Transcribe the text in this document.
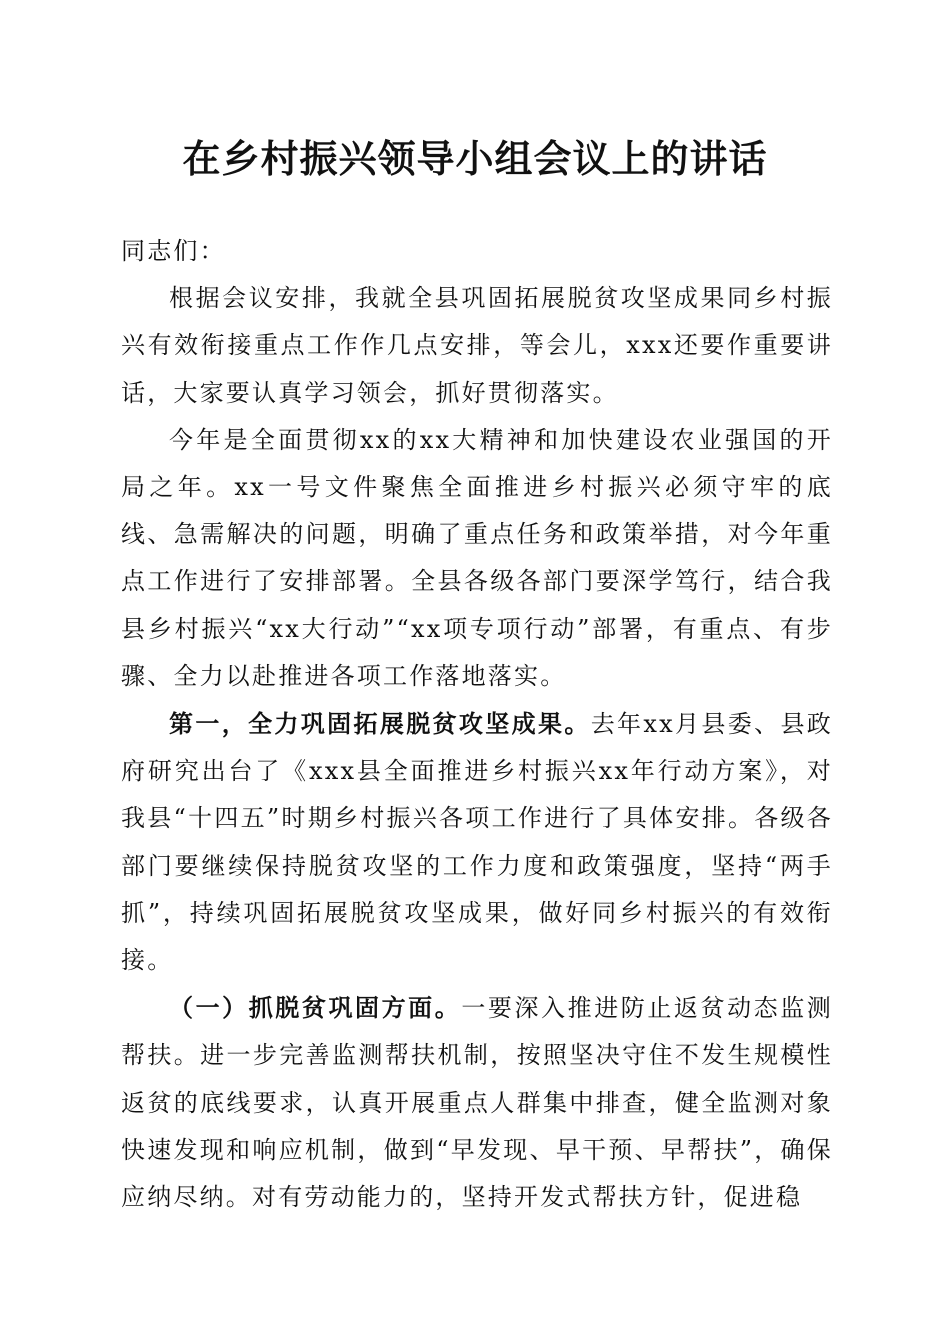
在乡村振兴领导小组会议上的讲话

同志们：

根据会议安排，我就全县巩固拓展脱贫攻坚成果同乡村振兴有效衔接重点工作作几点安排，等会儿，xxx还要作重要讲话，大家要认真学习领会，抓好贯彻落实。

今年是全面贯彻xx的xx大精神和加快建设农业强国的开局之年。xx一号文件聚焦全面推进乡村振兴必须守牢的底线、急需解决的问题，明确了重点任务和政策举措，对今年重点工作进行了安排部署。全县各级各部门要深学笃行，结合我县乡村振兴“xx大行动”“xx项专项行动”部署，有重点、有步骤、全力以赴推进各项工作落地落实。

第一，全力巩固拓展脱贫攻坚成果。去年xx月县委、县政府研究出台了《xxx县全面推进乡村振兴xx年行动方案》，对我县“十四五”时期乡村振兴各项工作进行了具体安排。各级各部门要继续保持脱贫攻坚的工作力度和政策强度，坚持“两手抓”，持续巩固拓展脱贫攻坚成果，做好同乡村振兴的有效衔接。

（一）抓脱贫巩固方面。一要深入推进防止返贫动态监测帮扶。进一步完善监测帮扶机制，按照坚决守住不发生规模性返贫的底线要求，认真开展重点人群集中排查，健全监测对象快速发现和响应机制，做到“早发现、早干预、早帮扶”，确保应纳尽纳。对有劳动能力的，坚持开发式帮扶方针，促进稳
